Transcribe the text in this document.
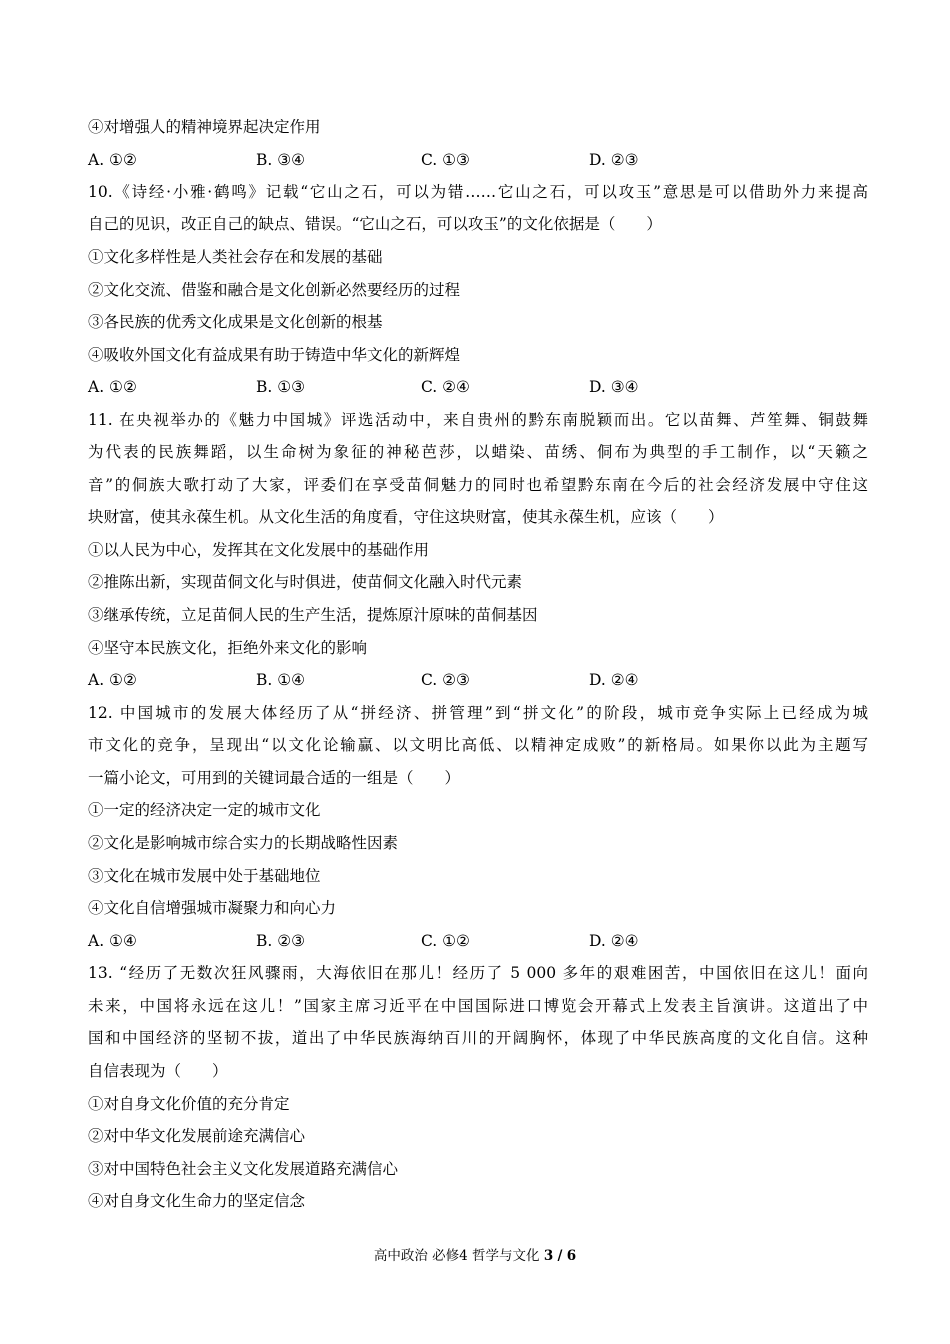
④对增强人的精神境界起决定作用
A. ①②	B. ③④	C. ①③	D. ②③
10.《诗经·小雅·鹤鸣》记载“它山之石，可以为错……它山之石，可以攻玉”意思是可以借助外力来提高
自己的见识，改正自己的缺点、错误。“它山之石，可以攻玉”的文化依据是（　　）
①文化多样性是人类社会存在和发展的基础
②文化交流、借鉴和融合是文化创新必然要经历的过程
③各民族的优秀文化成果是文化创新的根基
④吸收外国文化有益成果有助于铸造中华文化的新辉煌
A. ①②	B. ①③	C. ②④	D. ③④
11. 在央视举办的《魅力中国城》评选活动中，来自贵州的黔东南脱颖而出。它以苗舞、芦笙舞、铜鼓舞
为代表的民族舞蹈，以生命树为象征的神秘芭莎，以蜡染、苗绣、侗布为典型的手工制作，以“天籁之
音”的侗族大歌打动了大家，评委们在享受苗侗魅力的同时也希望黔东南在今后的社会经济发展中守住这
块财富，使其永葆生机。从文化生活的角度看，守住这块财富，使其永葆生机，应该（　　）
①以人民为中心，发挥其在文化发展中的基础作用
②推陈出新，实现苗侗文化与时俱进，使苗侗文化融入时代元素
③继承传统，立足苗侗人民的生产生活，提炼原汁原味的苗侗基因
④坚守本民族文化，拒绝外来文化的影响
A. ①②	B. ①④	C. ②③	D. ②④
12. 中国城市的发展大体经历了从“拼经济、拼管理”到“拼文化”的阶段，城市竞争实际上已经成为城
市文化的竞争，呈现出“以文化论输赢、以文明比高低、以精神定成败”的新格局。如果你以此为主题写
一篇小论文，可用到的关键词最合适的一组是（　　）
①一定的经济决定一定的城市文化
②文化是影响城市综合实力的长期战略性因素
③文化在城市发展中处于基础地位
④文化自信增强城市凝聚力和向心力
A. ①④	B. ②③	C. ①②	D. ②④
13. “经历了无数次狂风骤雨，大海依旧在那儿！经历了 5 000 多年的艰难困苦，中国依旧在这儿！面向
未来，中国将永远在这儿！”国家主席习近平在中国国际进口博览会开幕式上发表主旨演讲。这道出了中
国和中国经济的坚韧不拔，道出了中华民族海纳百川的开阔胸怀，体现了中华民族高度的文化自信。这种
自信表现为（　　）
①对自身文化价值的充分肯定
②对中华文化发展前途充满信心
③对中国特色社会主义文化发展道路充满信心
④对自身文化生命力的坚定信念
高中政治 必修4 哲学与文化 3 / 6
